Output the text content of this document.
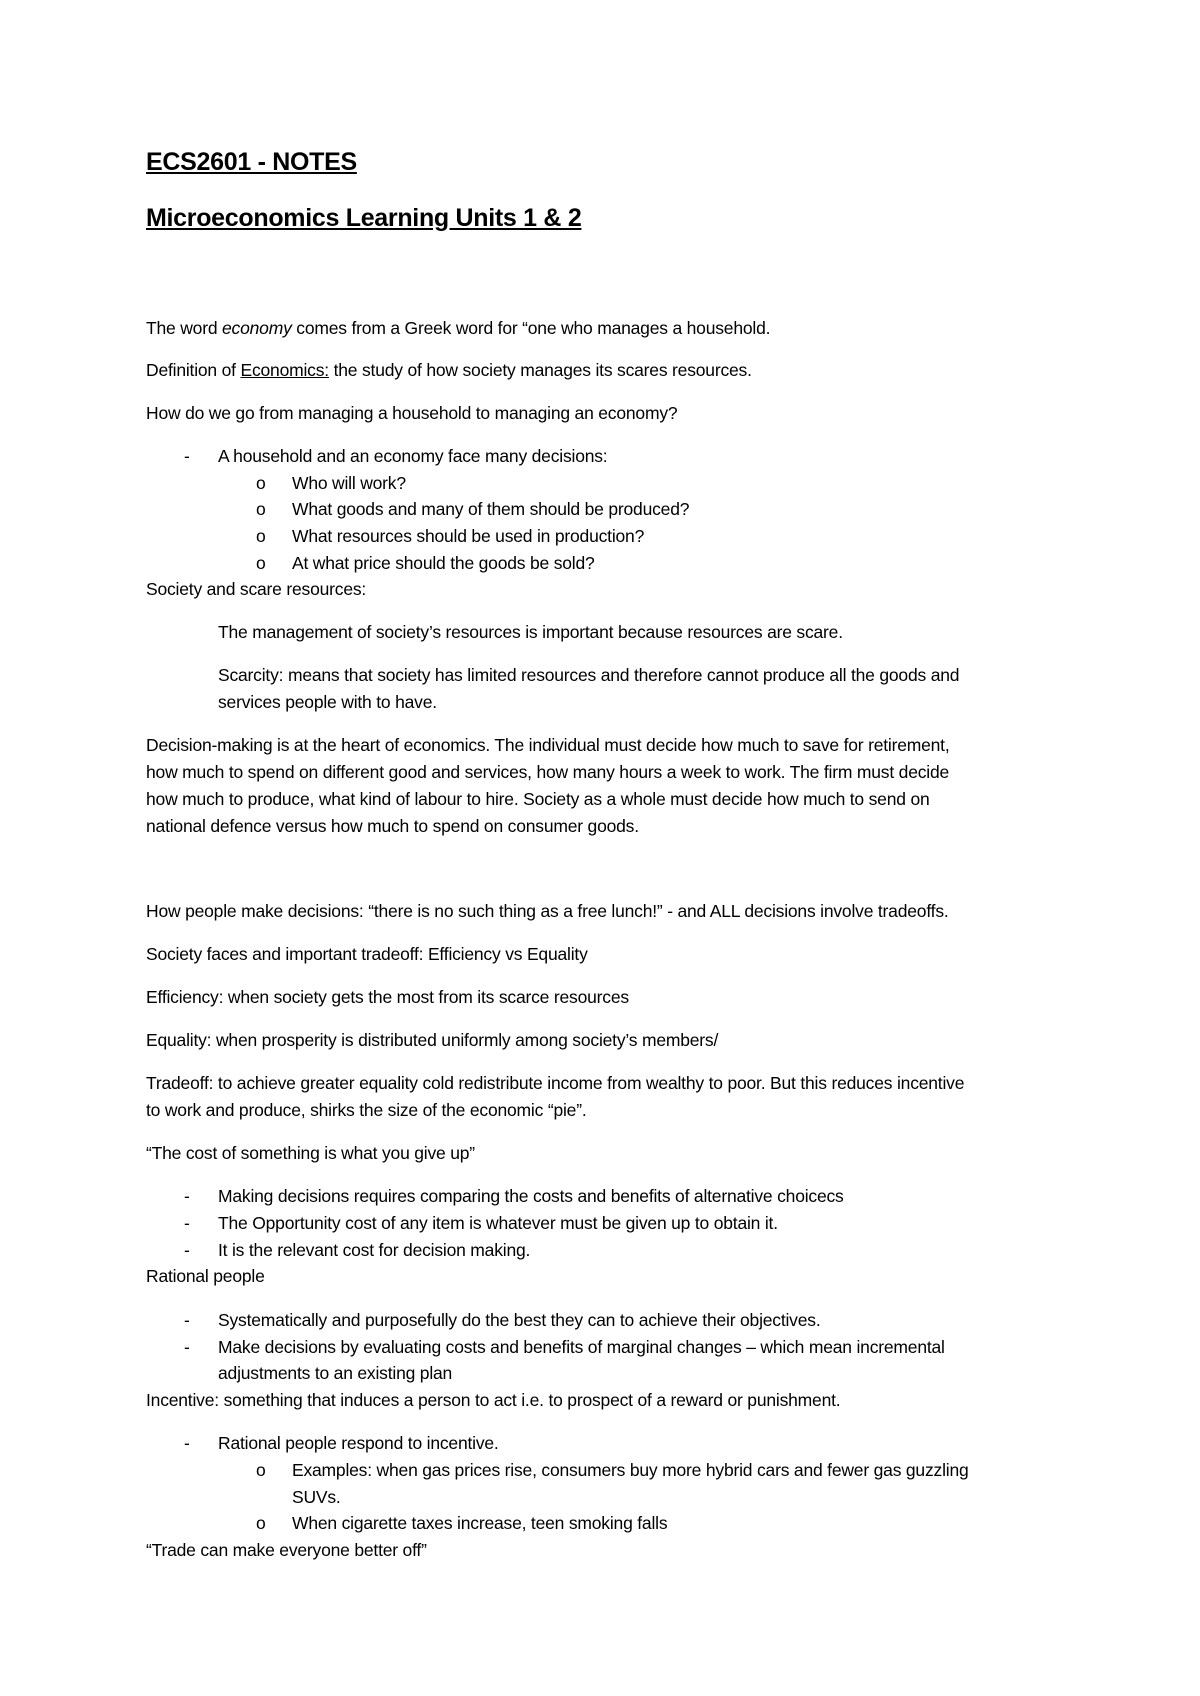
ECS2601 - NOTES
Microeconomics Learning Units 1 & 2
The word economy comes from a Greek word for “one who manages a household.
Definition of Economics: the study of how society manages its scares resources.
How do we go from managing a household to managing an economy?
- A household and an economy face many decisions:
o Who will work?
o What goods and many of them should be produced?
o What resources should be used in production?
o At what price should the goods be sold?
Society and scare resources:
The management of society’s resources is important because resources are scare.
Scarcity: means that society has limited resources and therefore cannot produce all the goods and
services people with to have.
Decision-making is at the heart of economics. The individual must decide how much to save for retirement,
how much to spend on different good and services, how many hours a week to work. The firm must decide
how much to produce, what kind of labour to hire. Society as a whole must decide how much to send on
national defence versus how much to spend on consumer goods.
How people make decisions: “there is no such thing as a free lunch!” - and ALL decisions involve tradeoffs.
Society faces and important tradeoff: Efficiency vs Equality
Efficiency: when society gets the most from its scarce resources
Equality: when prosperity is distributed uniformly among society’s members/
Tradeoff: to achieve greater equality cold redistribute income from wealthy to poor. But this reduces incentive
to work and produce, shirks the size of the economic “pie”.
“The cost of something is what you give up”
- Making decisions requires comparing the costs and benefits of alternative choicecs
- The Opportunity cost of any item is whatever must be given up to obtain it.
- It is the relevant cost for decision making.
Rational people
- Systematically and purposefully do the best they can to achieve their objectives.
- Make decisions by evaluating costs and benefits of marginal changes – which mean incremental
adjustments to an existing plan
Incentive: something that induces a person to act i.e. to prospect of a reward or punishment.
- Rational people respond to incentive.
o Examples: when gas prices rise, consumers buy more hybrid cars and fewer gas guzzling
SUVs.
o When cigarette taxes increase, teen smoking falls
“Trade can make everyone better off”
